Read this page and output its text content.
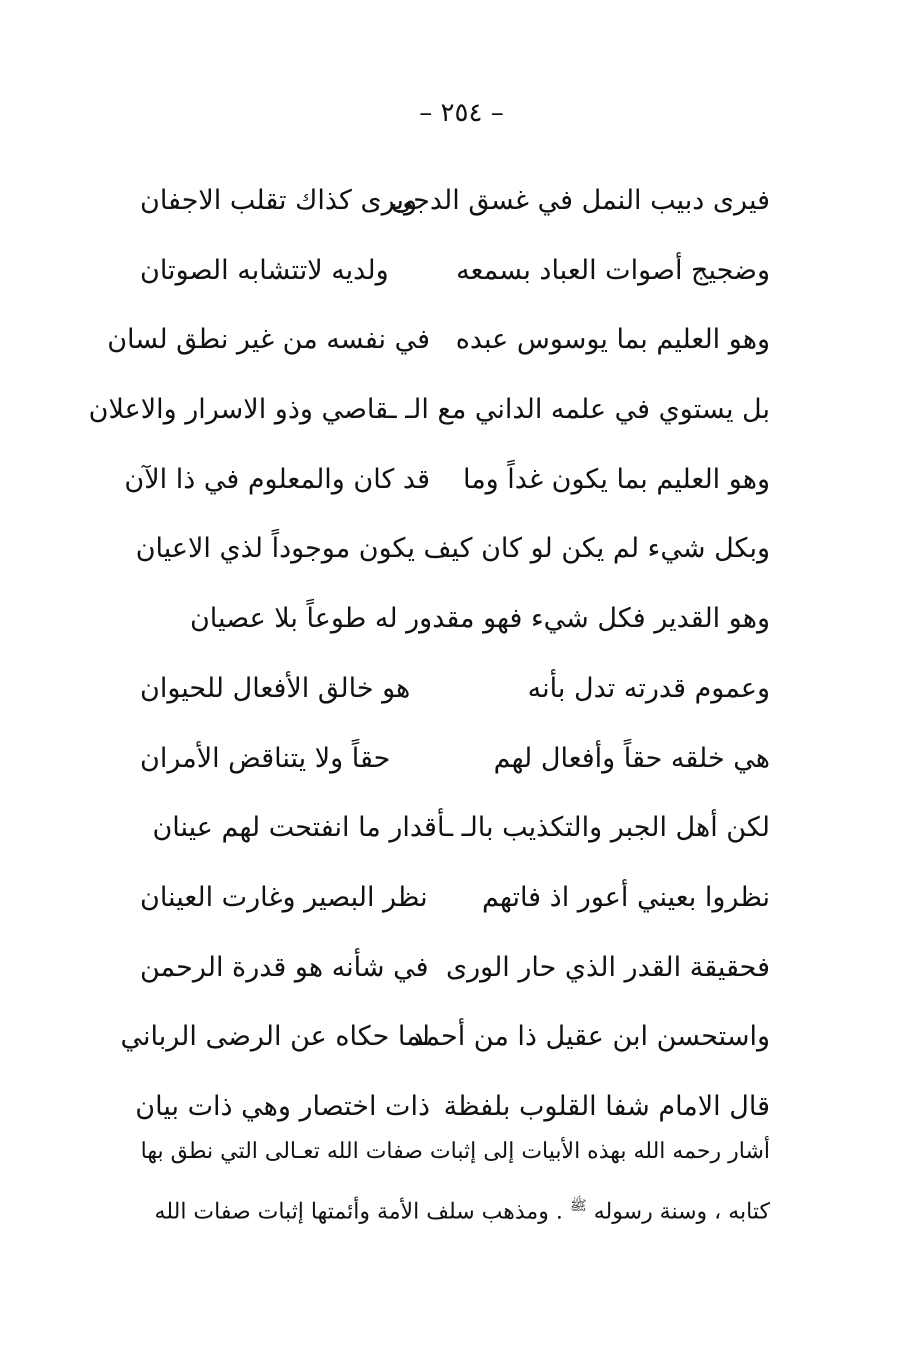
– ٢٥٤ –
فيرى دبيب النمل في غسق الدجى
ويرى كذاك تقلب الاجفان
وضجيج أصوات العباد بسمعه
ولديه لاتتشابه الصوتان
وهو العليم بما يوسوس عبده
في نفسه من غير نطق لسان
بل يستوي في علمه الداني مع الـ ـقاصي وذو الاسرار والاعلان
وهو العليم بما يكون غداً وما
قد كان والمعلوم في ذا الآن
وبكل شيء لم يكن لو كان كيف يكون موجوداً لذي الاعيان
وهو القدير فكل شيء فهو مقدور له طوعاً بلا عصيان
وعموم قدرته تدل بأنه
هو خالق الأفعال للحيوان
هي خلقه حقاً وأفعال لهم
حقاً ولا يتناقض الأمران
لكن أهل الجبر والتكذيب بالـ ـأقدار ما انفتحت لهم عينان
نظروا بعيني أعور اذ فاتهم
نظر البصير وغارت العينان
فحقيقة القدر الذي حار الورى
في شأنه هو قدرة الرحمن
واستحسن ابن عقيل ذا من أحمد
لما حكاه عن الرضى الرباني
قال الامام شفا القلوب بلفظة
ذات اختصار وهي ذات بيان
أشار رحمه الله بهذه الأبيات إلى إثبات صفات الله تعـالى التي نطق بها
كتابه ، وسنة رسوله ﷺ . ومذهب سلف الأمة وأئمتها إثبات صفات الله
